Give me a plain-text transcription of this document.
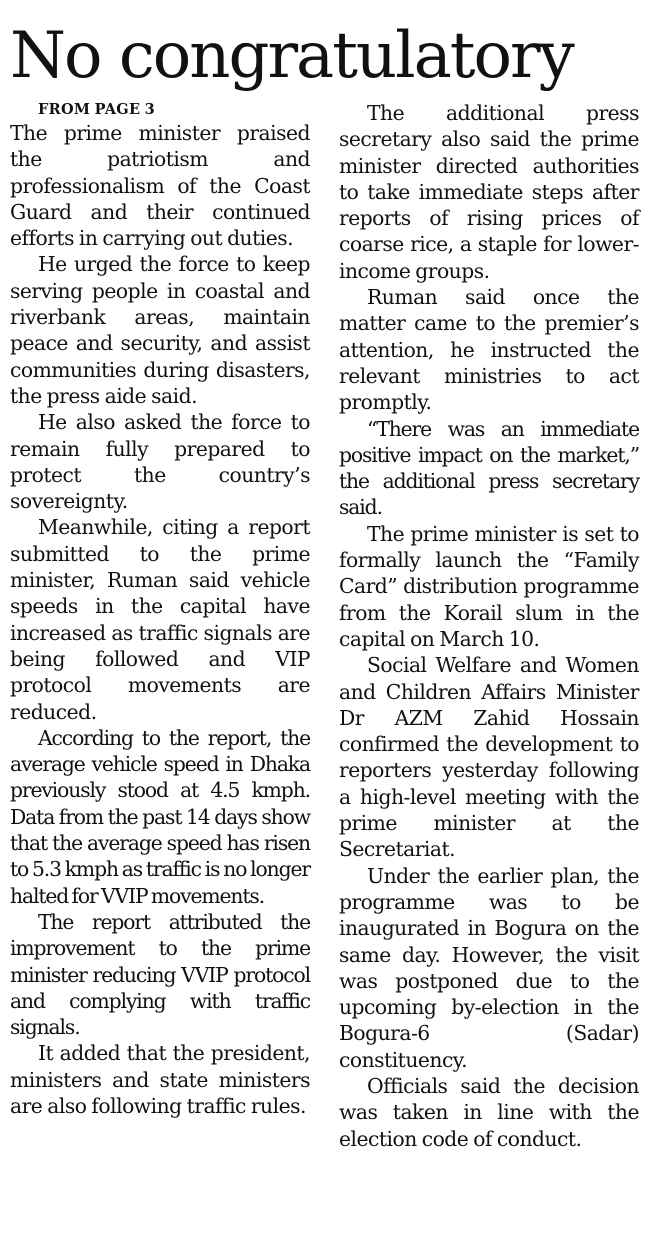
No congratulatory

FROM PAGE 3

The prime minister praised the patriotism and professionalism of the Coast Guard and their continued efforts in carrying out duties.

He urged the force to keep serving people in coastal and riverbank areas, maintain peace and security, and assist communities during disasters, the press aide said.

He also asked the force to remain fully prepared to protect the country’s sovereignty.

Meanwhile, citing a report submitted to the prime minister, Ruman said vehicle speeds in the capital have increased as traffic signals are being followed and VIP protocol movements are reduced.

According to the report, the average vehicle speed in Dhaka previously stood at 4.5 kmph. Data from the past 14 days show that the average speed has risen to 5.3 kmph as traffic is no longer halted for VVIP movements.

The report attributed the improvement to the prime minister reducing VVIP protocol and complying with traffic signals.

It added that the president, ministers and state ministers are also following traffic rules.

The additional press secretary also said the prime minister directed authorities to take immediate steps after reports of rising prices of coarse rice, a staple for lower-income groups.

Ruman said once the matter came to the premier’s attention, he instructed the relevant ministries to act promptly.

“There was an immediate positive impact on the market,” the additional press secretary said.

The prime minister is set to formally launch the “Family Card” distribution programme from the Korail slum in the capital on March 10.

Social Welfare and Women and Children Affairs Minister Dr AZM Zahid Hossain confirmed the development to reporters yesterday following a high-level meeting with the prime minister at the Secretariat.

Under the earlier plan, the programme was to be inaugurated in Bogura on the same day. However, the visit was postponed due to the upcoming by-election in the Bogura-6 (Sadar) constituency.

Officials said the decision was taken in line with the election code of conduct.
